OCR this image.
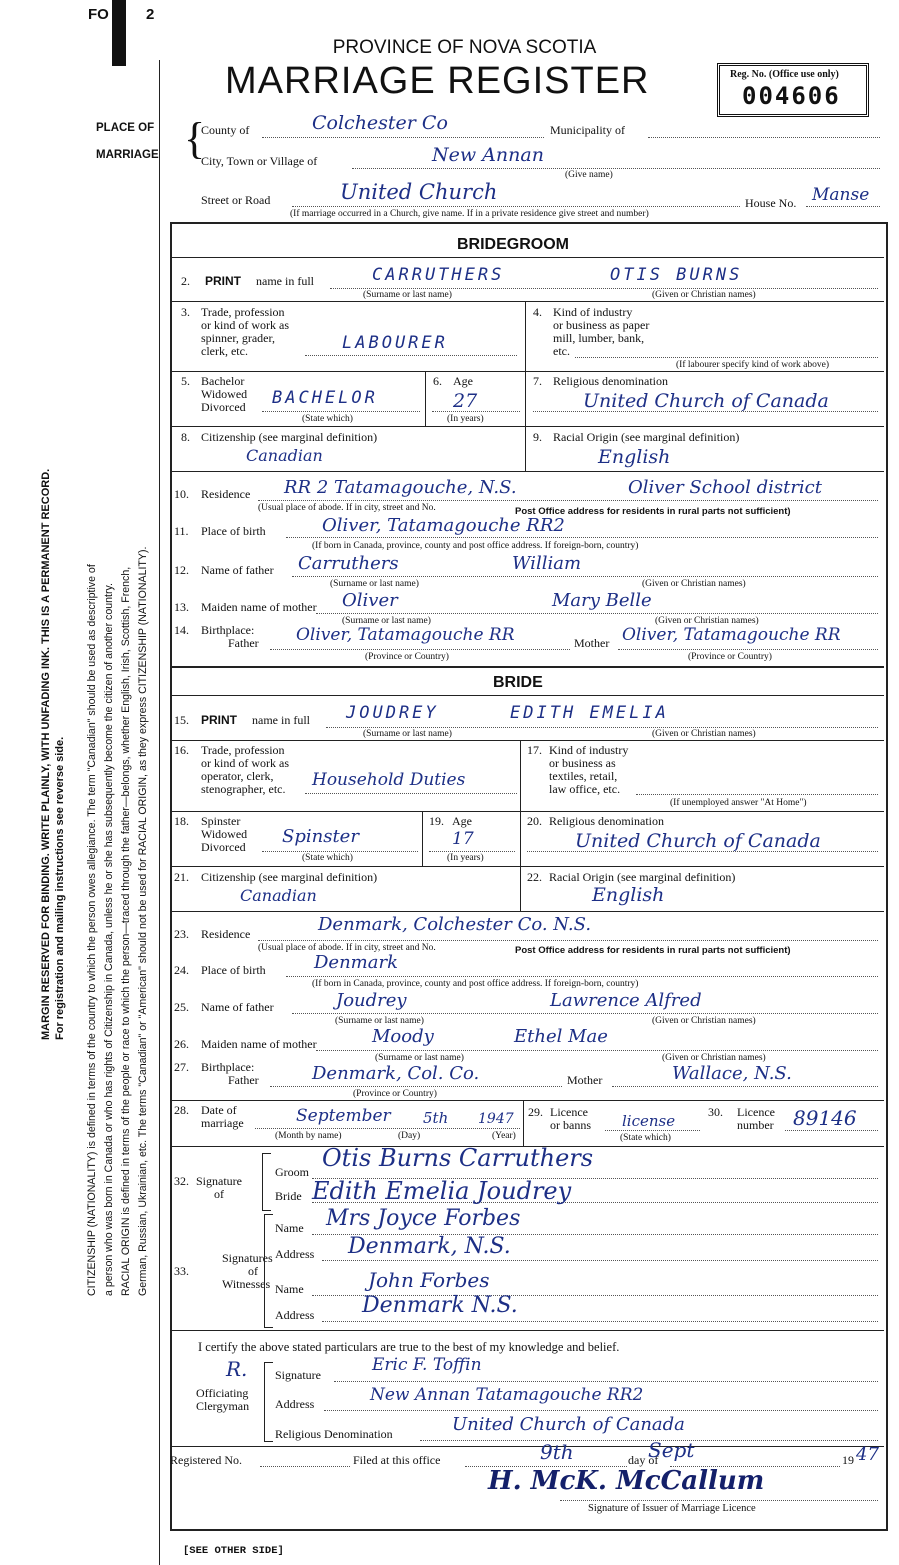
FO 2
PROVINCE OF NOVA SCOTIA
MARRIAGE REGISTER	Reg. No. (Office use only)
004606
MARGIN RESERVED FOR BINDING. WRITE PLAINLY, WITH UNFADING INK. THIS IS A PERMANENT RECORD. For registration and mailing instructions see reverse side. CITIZENSHIP (NATIONALITY) is defined in terms of the country to which the person owes allegiance. The term "Canadian" should be used as descriptive of a person who was born in Canada or who has rights of Citizenship in Canada, unless he or she has subsequently become the citizen of another country. RACIAL ORIGIN is defined in terms of the people or race to which the person—traced through the father—belongs, whether English, Irish, Scottish, French, German, Russian, Ukrainian, etc. The terms "Canadian" or "American" should not be used for RACIAL ORIGIN, as they express CITIZENSHIP (NATIONALITY).
PLACE OF
MARRIAGE {
County of	Colchester Co	Municipality of
City, Town or Village of	New Annan
(Give name)
Street or Road	United Church	House No. Manse
(If marriage occurred in a Church, give name. If in a private residence give street and number)
BRIDEGROOM
2. PRINT name in full	CARRUTHERS	OTIS BURNS
(Surname or last name)	(Given or Christian names)
3. Trade, profession
or kind of work as
spinner, grader,
clerk, etc.	LABOURER
4. Kind of industry
or business as paper
mill, lumber, bank,
etc.
(If labourer specify kind of work above)
5. Bachelor
Widowed
Divorced BACHELOR
(State which)
6. Age
27
(In years)
7. Religious denomination
United Church of Canada
8. Citizenship (see marginal definition)
Canadian
9. Racial Origin (see marginal definition)
English
10. Residence RR 2 Tatamagouche, N.S.	Oliver School district
(Usual place of abode. If in city, street and No.	Post Office address for residents in rural parts not sufficient)
11. Place of birth	Oliver, Tatamagouche RR2
(If born in Canada, province, county and post office address. If foreign-born, country)
12. Name of father Carruthers	William
(Surname or last name)	(Given or Christian names)
13. Maiden name of mother Oliver	Mary Belle
(Surname or last name)	(Given or Christian names)
14. Birthplace:
Father Oliver, Tatamagouche RR	Mother Oliver, Tatamagouche RR
(Province or Country)	(Province or Country)
BRIDE
15. PRINT name in full JOUDREY	EDITH EMELIA
(Surname or last name)	(Given or Christian names)
16. Trade, profession
or kind of work as
operator, clerk,
stenographer, etc. Household Duties
17. Kind of industry
or business as
textiles, retail,
law office, etc.
(If unemployed answer "At Home")
18. Spinster
Widowed
Divorced Spinster
(State which)
19. Age
17
(In years)
20. Religious denomination
United Church of Canada
21. Citizenship (see marginal definition)
Canadian
22. Racial Origin (see marginal definition)
English
23. Residence	Denmark, Colchester Co. N.S.
(Usual place of abode. If in city, street and No.	Post Office address for residents in rural parts not sufficient)
24. Place of birth	Denmark
(If born in Canada, province, county and post office address. If foreign-born, country)
25. Name of father	Joudrey	Lawrence Alfred
(Surname or last name)	(Given or Christian names)
26. Maiden name of mother	Moody	Ethel Mae
(Surname or last name)	(Given or Christian names)
27. Birthplace:
Father	Denmark, Col. Co.	Mother	Wallace, N.S.
(Province or Country)
28. Date of
marriage	September 5th 1947
(Month by name)	(Day)	(Year)
29. Licence
or banns license
(State which)
30. Licence
number 89146
32. Signature
of
Groom Otis Burns Carruthers
Bride Edith Emelia Joudrey
Signatures
of
33.
Witnesses
Name Mrs Joyce Forbes
Address Denmark, N.S.
Name	John Forbes
Address Denmark N.S.
I certify the above stated particulars are true to the best of my knowledge and belief.
R.
Officiating
Clergyman
Signature	Eric F. Toffin
Address	New Annan Tatamagouche RR2
Religious Denomination	United Church of Canada
Registered No.	Filed at this office	9th	day of
Sept	19 47
H. McK. McCallum
Signature of Issuer of Marriage Licence
[SEE OTHER SIDE]
